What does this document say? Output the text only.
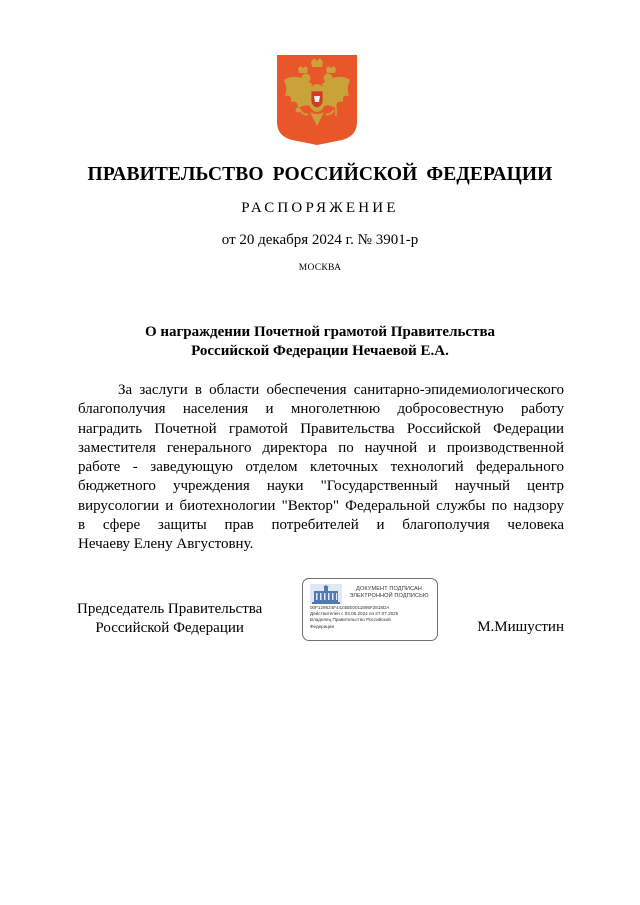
ПРАВИТЕЛЬСТВО РОССИЙСКОЙ ФЕДЕРАЦИИ
РАСПОРЯЖЕНИЕ
от 20 декабря 2024 г. № 3901-р
МОСКВА
О награждении Почетной грамотой Правительства
Российской Федерации Нечаевой Е.А.
За заслуги в области обеспечения санитарно-эпидемиологического
благополучия населения и многолетнюю добросовестную работу
наградить Почетной грамотой Правительства Российской Федерации
заместителя генерального директора по научной и производственной
работе - заведующую отделом клеточных технологий федерального
бюджетного учреждения науки "Государственный научный центр
вирусологии и биотехнологии "Вектор" Федеральной службы по надзору
в сфере защиты прав потребителей и благополучия человека
Нечаеву Елену Августовну.
Председатель Правительства
Российской Федерации
ДОКУМЕНТ ПОДПИСАН
ЭЛЕКТРОННОЙ ПОДПИСЬЮ
00F129624F4424BE0011895F2818DA
Действителен с 03.05.2024 по 27.07.2025
Владелец Правительство Российской
Федерации	М.Мишустин
